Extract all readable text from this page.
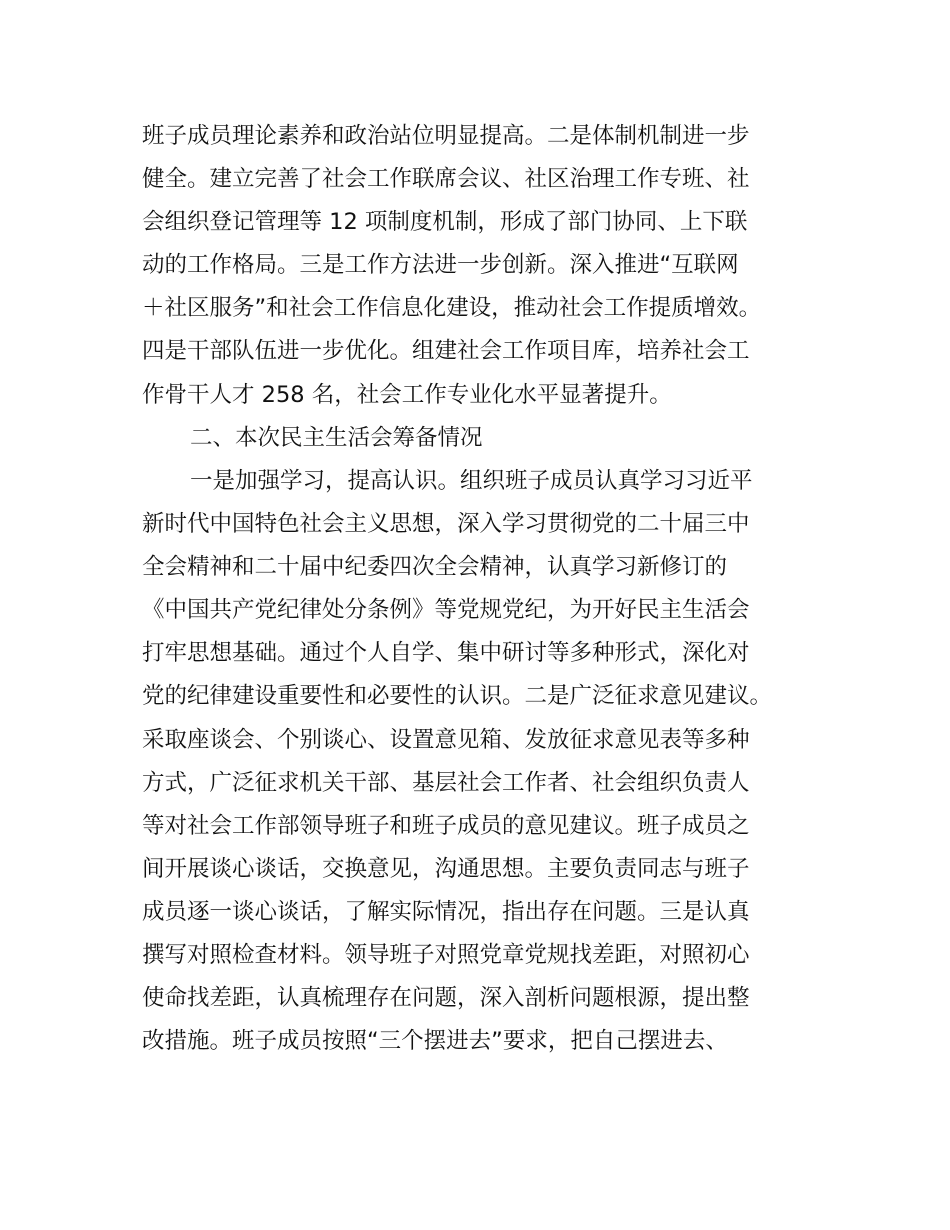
班子成员理论素养和政治站位明显提高。二是体制机制进一步

健全。建立完善了社会工作联席会议、社区治理工作专班、社

会组织登记管理等 12 项制度机制，形成了部门协同、上下联

动的工作格局。三是工作方法进一步创新。深入推进“互联网

＋社区服务”和社会工作信息化建设，推动社会工作提质增效。

四是干部队伍进一步优化。组建社会工作项目库，培养社会工

作骨干人才 258 名，社会工作专业化水平显著提升。

二、本次民主生活会筹备情况

一是加强学习，提高认识。组织班子成员认真学习习近平

新时代中国特色社会主义思想，深入学习贯彻党的二十届三中

全会精神和二十届中纪委四次全会精神，认真学习新修订的

《中国共产党纪律处分条例》等党规党纪，为开好民主生活会

打牢思想基础。通过个人自学、集中研讨等多种形式，深化对

党的纪律建设重要性和必要性的认识。二是广泛征求意见建议。

采取座谈会、个别谈心、设置意见箱、发放征求意见表等多种

方式，广泛征求机关干部、基层社会工作者、社会组织负责人

等对社会工作部领导班子和班子成员的意见建议。班子成员之

间开展谈心谈话，交换意见，沟通思想。主要负责同志与班子

成员逐一谈心谈话，了解实际情况，指出存在问题。三是认真

撰写对照检查材料。领导班子对照党章党规找差距，对照初心

使命找差距，认真梳理存在问题，深入剖析问题根源，提出整

改措施。班子成员按照“三个摆进去”要求，把自己摆进去、
